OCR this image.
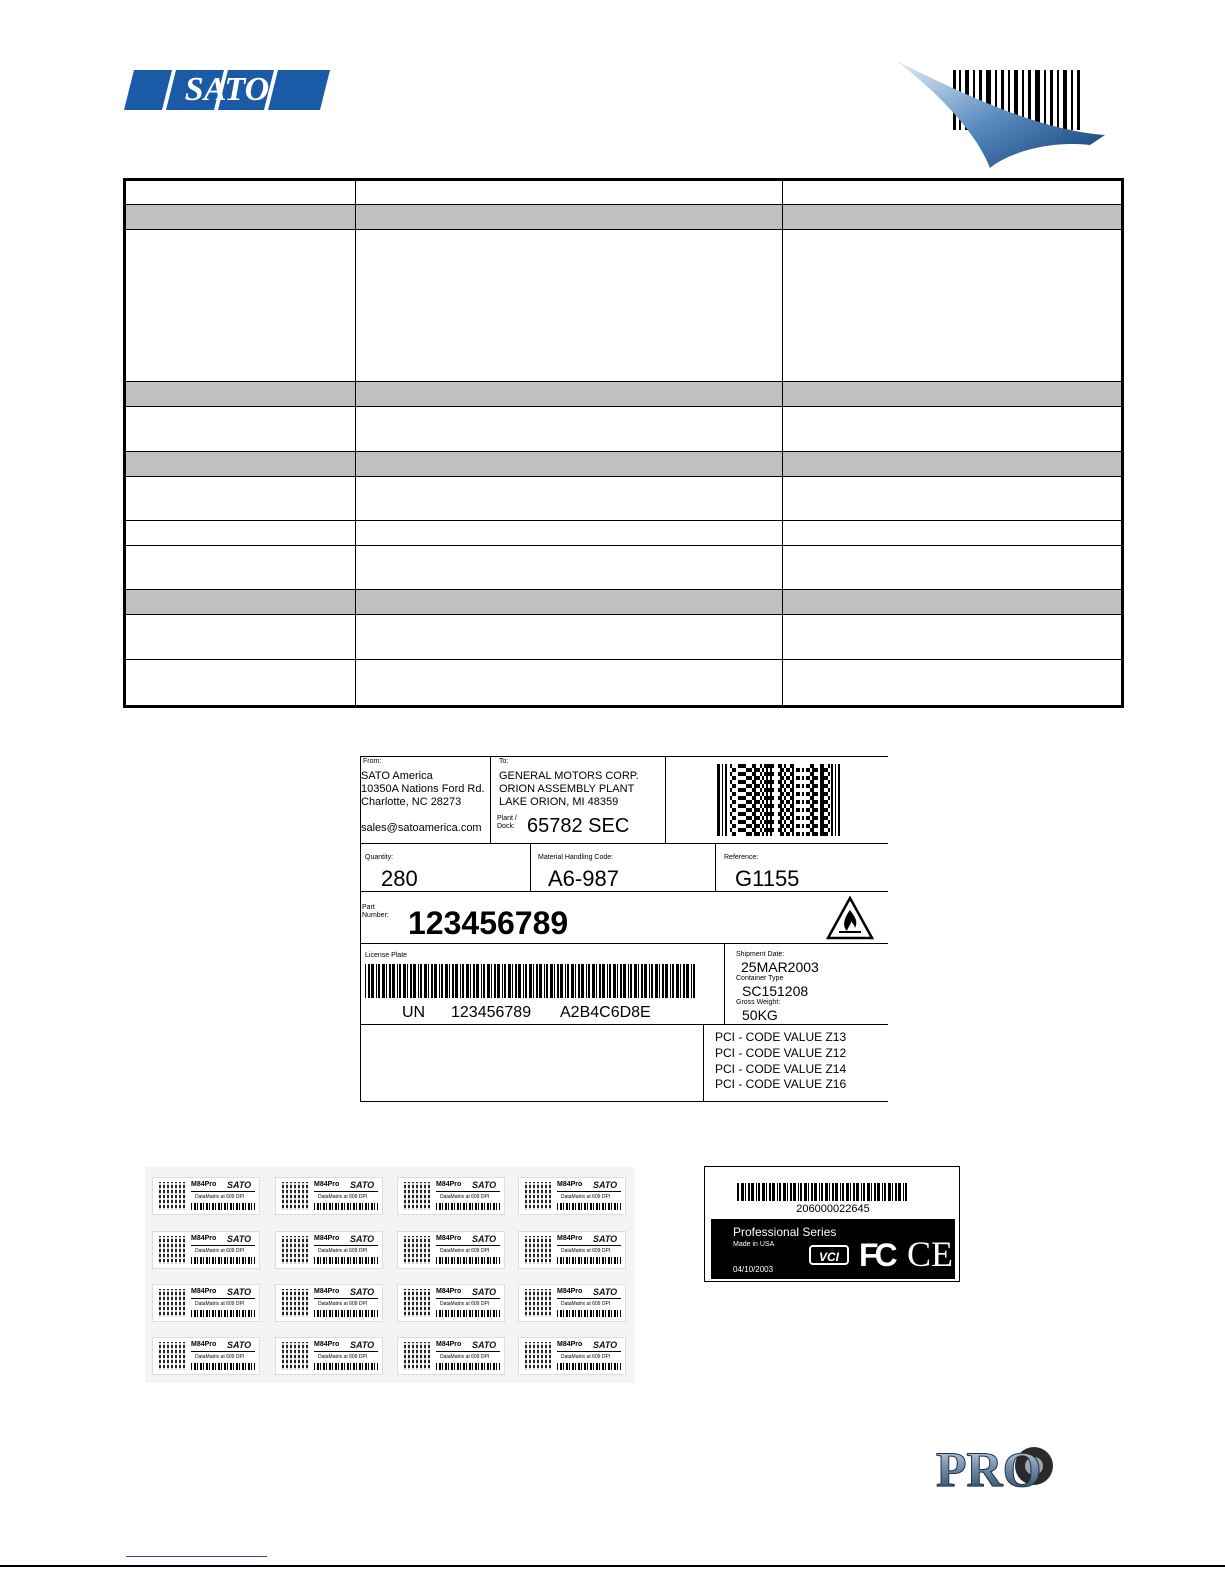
SATO

From:
SATO America
10350A Nations Ford Rd.
Charlotte, NC 28273
sales@satoamerica.com
To:
GENERAL MOTORS CORP.
ORION ASSEMBLY PLANT
LAKE ORION, MI 48359
Plant /
Dock: 65782 SEC
Quantity:
280
Material Handling Code:
A6-987
Reference:
G1155
Part
Number: 123456789
License Plate
UN 123456789 A2B4C6D8E
Shipment Date:
25MAR2003
Container Type
SC151208
Gross Weight:
50KG
PCI - CODE VALUE Z13
PCI - CODE VALUE Z12
PCI - CODE VALUE Z14
PCI - CODE VALUE Z16
M84Pro SATO
DataMatrix at 609 DPI
M84Pro SATO
DataMatrix at 609 DPI
M84Pro SATO
DataMatrix at 609 DPI
M84Pro SATO
DataMatrix at 609 DPI
M84Pro SATO
DataMatrix at 609 DPI
M84Pro SATO
DataMatrix at 609 DPI
M84Pro SATO
DataMatrix at 609 DPI
M84Pro SATO
DataMatrix at 609 DPI
M84Pro SATO
DataMatrix at 609 DPI
M84Pro SATO
DataMatrix at 609 DPI
M84Pro SATO
DataMatrix at 609 DPI
M84Pro SATO
DataMatrix at 609 DPI
M84Pro SATO
DataMatrix at 609 DPI
M84Pro SATO
DataMatrix at 609 DPI
M84Pro SATO
DataMatrix at 609 DPI
M84Pro SATO
DataMatrix at 609 DPI
206000022645
Professional Series
Made in USA
04/10/2003
VCI FC CE
PRO
